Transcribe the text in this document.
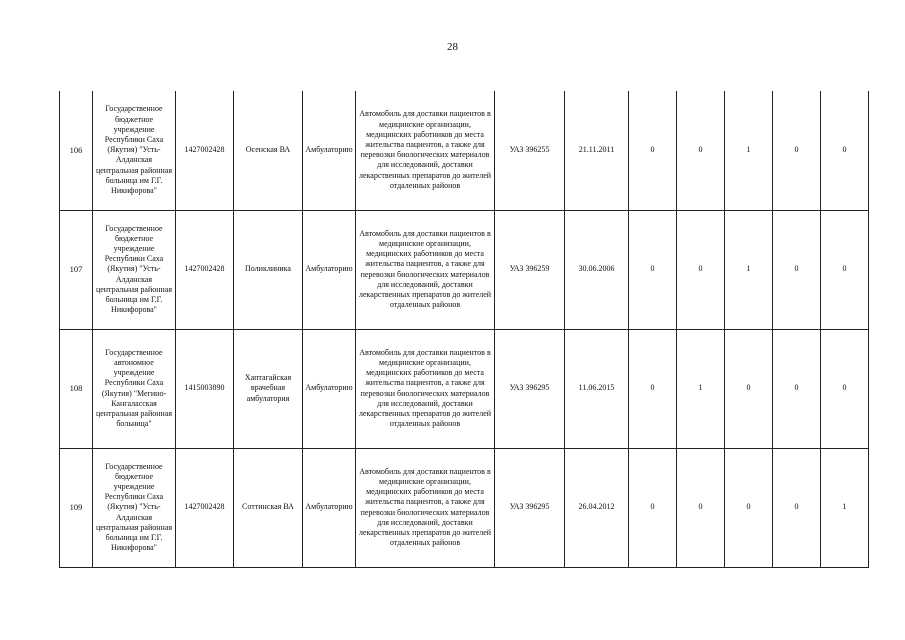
28
106	Государственное бюджетное учреждение Республики Саха (Якутия) "Усть-Алданская центральная районная больница им Г.Г. Никифорова"	1427002428	Осенская ВА	Амбулаторию	Автомобиль для доставки пациентов в медицинские организации, медицинских работников до места жительства пациентов, а также для перевозки биологических материалов для исследований, доставки лекарственных препаратов до жителей отдаленных районов	УАЗ 396255	21.11.2011	0	0	1	0	0
107	Государственное бюджетное учреждение Республики Саха (Якутия) "Усть-Алданская центральная районная больница им Г.Г. Никифорова"	1427002428	Поликлиника	Амбулаторию	Автомобиль для доставки пациентов в медицинские организации, медицинских работников до места жительства пациентов, а также для перевозки биологических материалов для исследований, доставки лекарственных препаратов до жителей отдаленных районов	УАЗ 396259	30.06.2006	0	0	1	0	0
108	Государственное автономное учреждение Республики Саха (Якутия) "Мегино-Кангаласская центральная районная больница"	1415003890	Хаптагайская врачебная амбулатория	Амбулаторию	Автомобиль для доставки пациентов в медицинские организации, медицинских работников до места жительства пациентов, а также для перевозки биологических материалов для исследований, доставки лекарственных препаратов до жителей отдаленных районов	УАЗ 396295	11.06.2015	0	1	0	0	0
109	Государственное бюджетное учреждение Республики Саха (Якутия) "Усть-Алданская центральная районная больница им Г.Г. Никифорова"	1427002428	Соттинская ВА	Амбулаторию	Автомобиль для доставки пациентов в медицинские организации, медицинских работников до места жительства пациентов, а также для перевозки биологических материалов для исследований, доставки лекарственных препаратов до жителей отдаленных районов	УАЗ 396295	26.04.2012	0	0	0	0	1
